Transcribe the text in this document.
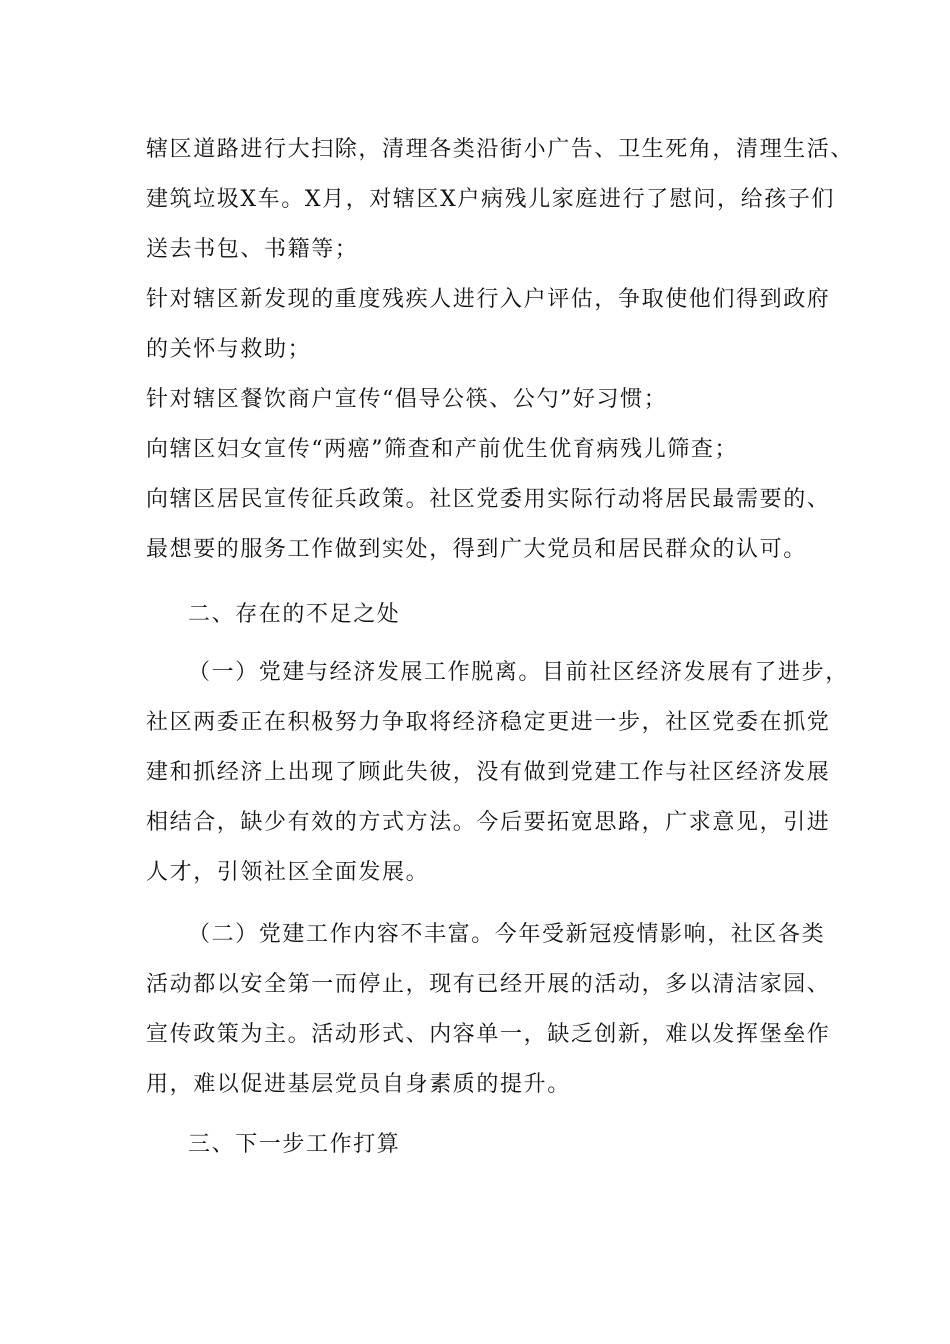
辖区道路进行大扫除，清理各类沿街小广告、卫生死角，清理生活、
建筑垃圾X车。X月，对辖区X户病残儿家庭进行了慰问，给孩子们
送去书包、书籍等；
针对辖区新发现的重度残疾人进行入户评估，争取使他们得到政府
的关怀与救助；
针对辖区餐饮商户宣传“倡导公筷、公勺”好习惯；
向辖区妇女宣传“两癌”筛查和产前优生优育病残儿筛查；
向辖区居民宣传征兵政策。社区党委用实际行动将居民最需要的、
最想要的服务工作做到实处，得到广大党员和居民群众的认可。
二、存在的不足之处
（一）党建与经济发展工作脱离。目前社区经济发展有了进步，
社区两委正在积极努力争取将经济稳定更进一步，社区党委在抓党
建和抓经济上出现了顾此失彼，没有做到党建工作与社区经济发展
相结合，缺少有效的方式方法。今后要拓宽思路，广求意见，引进
人才，引领社区全面发展。
（二）党建工作内容不丰富。今年受新冠疫情影响，社区各类
活动都以安全第一而停止，现有已经开展的活动，多以清洁家园、
宣传政策为主。活动形式、内容单一，缺乏创新，难以发挥堡垒作
用，难以促进基层党员自身素质的提升。
三、下一步工作打算
